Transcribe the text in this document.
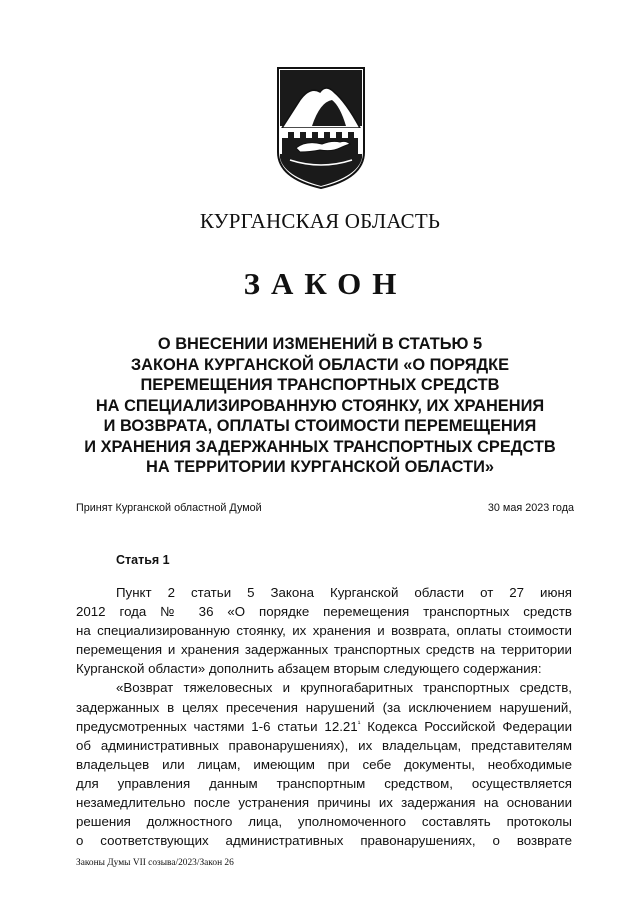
КУРГАНСКАЯ ОБЛАСТЬ
ЗАКОН
О ВНЕСЕНИИ ИЗМЕНЕНИЙ В СТАТЬЮ 5
ЗАКОНА КУРГАНСКОЙ ОБЛАСТИ «О ПОРЯДКЕ
ПЕРЕМЕЩЕНИЯ ТРАНСПОРТНЫХ СРЕДСТВ
НА СПЕЦИАЛИЗИРОВАННУЮ СТОЯНКУ, ИХ ХРАНЕНИЯ
И ВОЗВРАТА, ОПЛАТЫ СТОИМОСТИ ПЕРЕМЕЩЕНИЯ
И ХРАНЕНИЯ ЗАДЕРЖАННЫХ ТРАНСПОРТНЫХ СРЕДСТВ
НА ТЕРРИТОРИИ КУРГАНСКОЙ ОБЛАСТИ»
Принят Курганской областной Думой	30 мая 2023 года
Статья 1
Пункт 2 статьи 5 Закона Курганской области от 27 июня
2012 года № 36 «О порядке перемещения транспортных средств
на специализированную стоянку, их хранения и возврата, оплаты стоимости
перемещения и хранения задержанных транспортных средств на территории
Курганской области» дополнить абзацем вторым следующего содержания:
«Возврат тяжеловесных и крупногабаритных транспортных средств,
задержанных в целях пресечения нарушений (за исключением нарушений,
предусмотренных частями 1-6 статьи $12.21^{^1}$ Кодекса Российской Федерации
об административных правонарушениях), их владельцам, представителям
владельцев или лицам, имеющим при себе документы, необходимые
для управления данным транспортным средством, осуществляется
незамедлительно после устранения причины их задержания на основании
решения должностного лица, уполномоченного составлять протоколы
о соответствующих административных правонарушениях, о возврате
Законы Думы VII созыва/2023/Закон 26
